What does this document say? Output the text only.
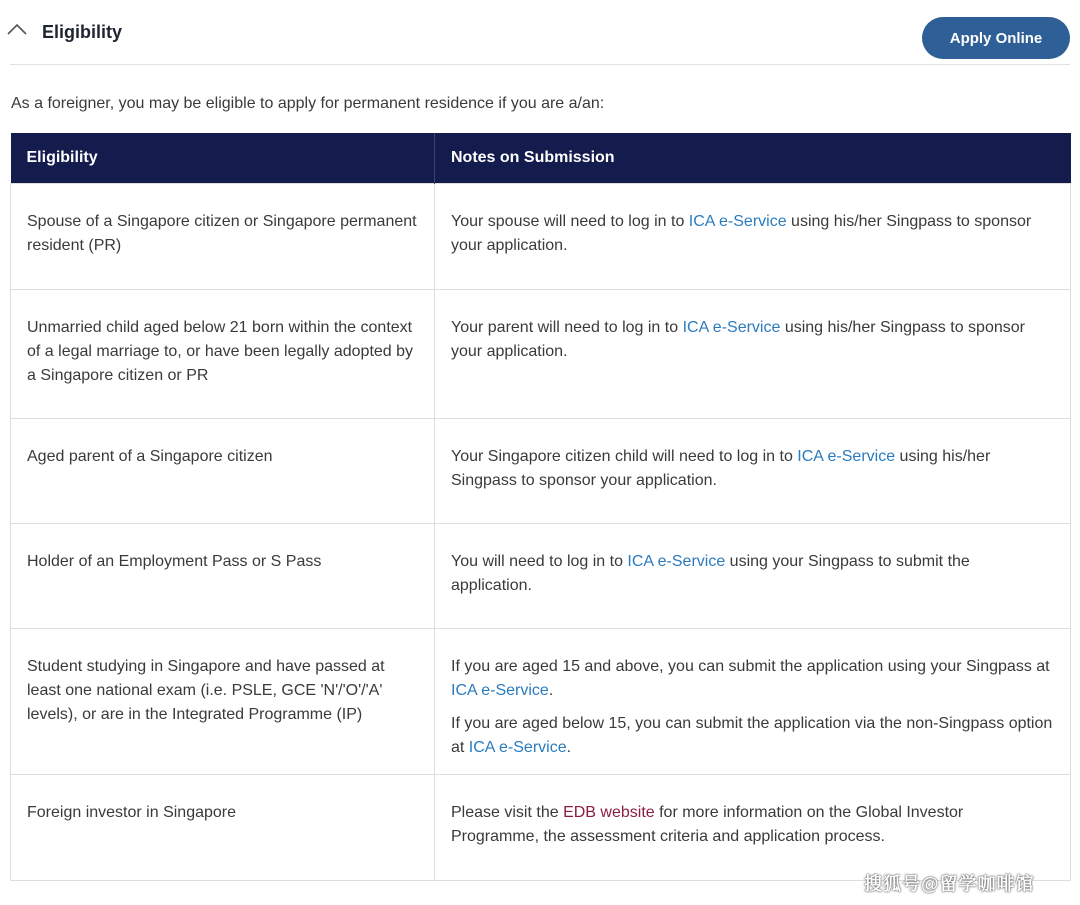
Eligibility	Apply Online
As a foreigner, you may be eligible to apply for permanent residence if you are a/an:
Eligibility	Notes on Submission

Spouse of a Singapore citizen or Singapore permanent resident (PR)	Your spouse will need to log in to ICA e-Service using his/her Singpass to sponsor your application.

Unmarried child aged below 21 born within the context of a legal marriage to, or have been legally adopted by a Singapore citizen or PR	Your parent will need to log in to ICA e-Service using his/her Singpass to sponsor your application.

Aged parent of a Singapore citizen	Your Singapore citizen child will need to log in to ICA e-Service using his/her Singpass to sponsor your application.

Holder of an Employment Pass or S Pass	You will need to log in to ICA e-Service using your Singpass to submit the application.

Student studying in Singapore and have passed at least one national exam (i.e. PSLE, GCE 'N'/'O'/'A' levels), or are in the Integrated Programme (IP)	If you are aged 15 and above, you can submit the application using your Singpass at ICA e-Service.

If you are aged below 15, you can submit the application via the non-Singpass option at ICA e-Service.

Foreign investor in Singapore	Please visit the EDB website for more information on the Global Investor Programme, the assessment criteria and application process.

搜狐号@留学咖啡馆
